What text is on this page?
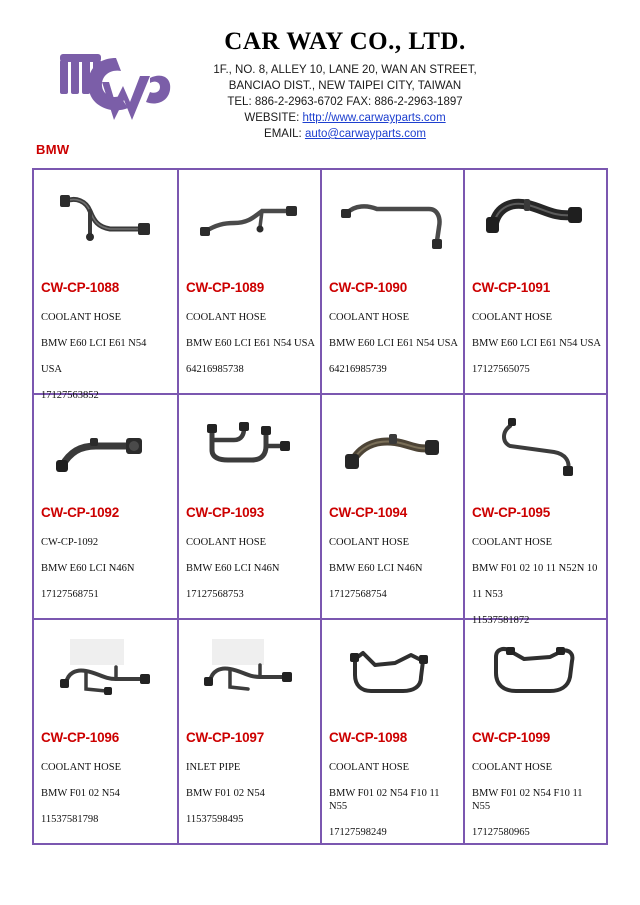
CAR WAY CO., LTD.
1F., NO. 8, ALLEY 10, LANE 20, WAN AN STREET,
BANCIAO DIST., NEW TAIPEI CITY, TAIWAN
TEL: 886-2-2963-6702 FAX: 886-2-2963-1897
WEBSITE: http://www.carwayparts.com
EMAIL: auto@carwayparts.com
BMW
CW-CP-1088

COOLANT HOSE

BMW E60 LCI E61 N54

USA

17127563852

CW-CP-1089

COOLANT HOSE

BMW E60 LCI E61 N54 USA

64216985738

CW-CP-1090

COOLANT HOSE

BMW E60 LCI E61 N54 USA

64216985739

CW-CP-1091

COOLANT HOSE

BMW E60 LCI E61 N54 USA

17127565075

CW-CP-1092

CW-CP-1092

BMW E60 LCI N46N

17127568751

CW-CP-1093

COOLANT HOSE

BMW E60 LCI N46N

17127568753

CW-CP-1094

COOLANT HOSE

BMW E60 LCI N46N

17127568754

CW-CP-1095

COOLANT HOSE

BMW F01 02 10 11 N52N 10

11 N53

11537581872

CW-CP-1096

COOLANT HOSE

BMW F01 02 N54

11537581798

CW-CP-1097

INLET PIPE

BMW F01 02 N54

11537598495

CW-CP-1098

COOLANT HOSE

BMW F01 02 N54 F10 11 N55

17127598249

CW-CP-1099

COOLANT HOSE

BMW F01 02 N54 F10 11 N55

17127580965
